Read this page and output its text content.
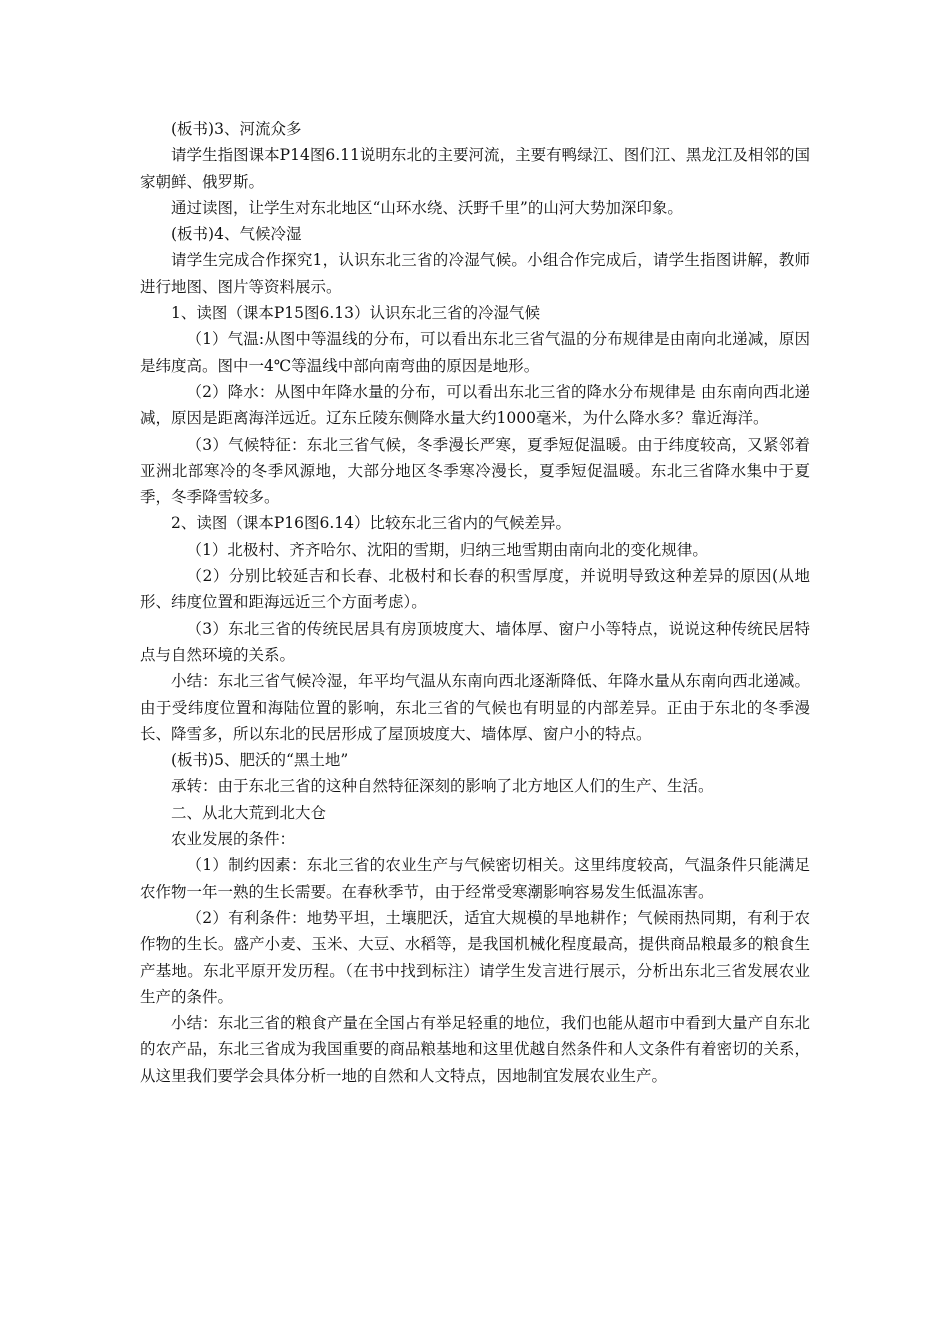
(板书)3、河流众多

请学生指图课本P14图6.11说明东北的主要河流，主要有鸭绿江、图们江、黑龙江及相邻的国家朝鲜、俄罗斯。

通过读图，让学生对东北地区“山环水绕、沃野千里”的山河大势加深印象。

(板书)4、气候冷湿

请学生完成合作探究1，认识东北三省的冷湿气候。小组合作完成后，请学生指图讲解，教师进行地图、图片等资料展示。

1、读图（课本P15图6.13）认识东北三省的冷湿气候

（1）气温:从图中等温线的分布，可以看出东北三省气温的分布规律是由南向北递减，原因是纬度高。图中一4℃等温线中部向南弯曲的原因是地形。

（2）降水：从图中年降水量的分布，可以看出东北三省的降水分布规律是 由东南向西北递减，原因是距离海洋远近。辽东丘陵东侧降水量大约1000毫米，为什么降水多？靠近海洋。

（3）气候特征：东北三省气候，冬季漫长严寒，夏季短促温暖。由于纬度较高，又紧邻着亚洲北部寒冷的冬季风源地，大部分地区冬季寒冷漫长，夏季短促温暖。东北三省降水集中于夏季，冬季降雪较多。

2、读图（课本P16图6.14）比较东北三省内的气候差异。

（1）北极村、齐齐哈尔、沈阳的雪期，归纳三地雪期由南向北的变化规律。

（2）分别比较延吉和长春、北极村和长春的积雪厚度，并说明导致这种差异的原因(从地形、纬度位置和距海远近三个方面考虑）。

（3）东北三省的传统民居具有房顶坡度大、墙体厚、窗户小等特点，说说这种传统民居特点与自然环境的关系。

小结：东北三省气候冷湿，年平均气温从东南向西北逐渐降低、年降水量从东南向西北递减。由于受纬度位置和海陆位置的影响，东北三省的气候也有明显的内部差异。正由于东北的冬季漫长、降雪多，所以东北的民居形成了屋顶坡度大、墙体厚、窗户小的特点。

(板书)5、肥沃的“黑土地”

承转：由于东北三省的这种自然特征深刻的影响了北方地区人们的生产、生活。

二、从北大荒到北大仓

农业发展的条件：

（1）制约因素：东北三省的农业生产与气候密切相关。这里纬度较高，气温条件只能满足农作物一年一熟的生长需要。在春秋季节，由于经常受寒潮影响容易发生低温冻害。

（2）有利条件：地势平坦，土壤肥沃，适宜大规模的旱地耕作；气候雨热同期，有利于农作物的生长。盛产小麦、玉米、大豆、水稻等，是我国机械化程度最高，提供商品粮最多的粮食生产基地。东北平原开发历程。（在书中找到标注）请学生发言进行展示，分析出东北三省发展农业生产的条件。

小结：东北三省的粮食产量在全国占有举足轻重的地位，我们也能从超市中看到大量产自东北的农产品，东北三省成为我国重要的商品粮基地和这里优越自然条件和人文条件有着密切的关系，从这里我们要学会具体分析一地的自然和人文特点，因地制宜发展农业生产。
